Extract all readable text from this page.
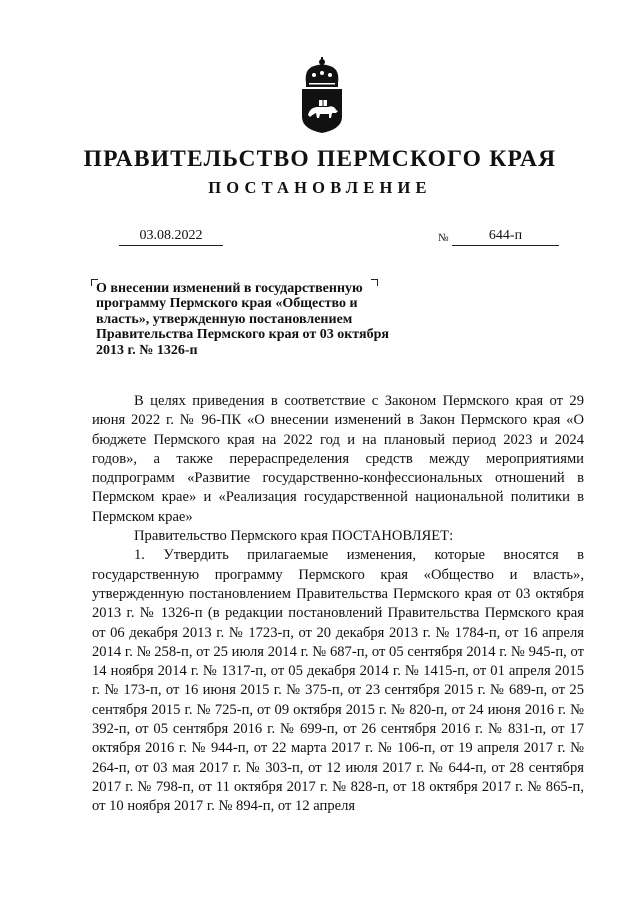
ПРАВИТЕЛЬСТВО ПЕРМСКОГО КРАЯ
ПОСТАНОВЛЕНИЕ
03.08.2022	№	644-п
О внесении изменений в государственную программу Пермского края «Общество и власть», утвержденную постановлением Правительства Пермского края от 03 октября 2013 г. № 1326-п

В целях приведения в соответствие с Законом Пермского края от 29 июня 2022 г. № 96-ПК «О внесении изменений в Закон Пермского края «О бюджете Пермского края на 2022 год и на плановый период 2023 и 2024 годов», а также перераспределения средств между мероприятиями подпрограмм «Развитие государственно-конфессиональных отношений в Пермском крае» и «Реализация государственной национальной политики в Пермском крае»

Правительство Пермского края ПОСТАНОВЛЯЕТ:

1. Утвердить прилагаемые изменения, которые вносятся в государственную программу Пермского края «Общество и власть», утвержденную постановлением Правительства Пермского края от 03 октября 2013 г. № 1326-п (в редакции постановлений Правительства Пермского края от 06 декабря 2013 г. № 1723-п, от 20 декабря 2013 г. № 1784-п, от 16 апреля 2014 г. № 258-п, от 25 июля 2014 г. № 687-п, от 05 сентября 2014 г. № 945-п, от 14 ноября 2014 г. № 1317-п, от 05 декабря 2014 г. № 1415-п, от 01 апреля 2015 г. № 173-п, от 16 июня 2015 г. № 375-п, от 23 сентября 2015 г. № 689-п, от 25 сентября 2015 г. № 725-п, от 09 октября 2015 г. № 820-п, от 24 июня 2016 г. № 392-п, от 05 сентября 2016 г. № 699-п, от 26 сентября 2016 г. № 831-п, от 17 октября 2016 г. № 944-п, от 22 марта 2017 г. № 106-п, от 19 апреля 2017 г. № 264-п, от 03 мая 2017 г. № 303-п, от 12 июля 2017 г. № 644-п, от 28 сентября 2017 г. № 798-п, от 11 октября 2017 г. № 828-п, от 18 октября 2017 г. № 865-п, от 10 ноября 2017 г. № 894-п, от 12 апреля
